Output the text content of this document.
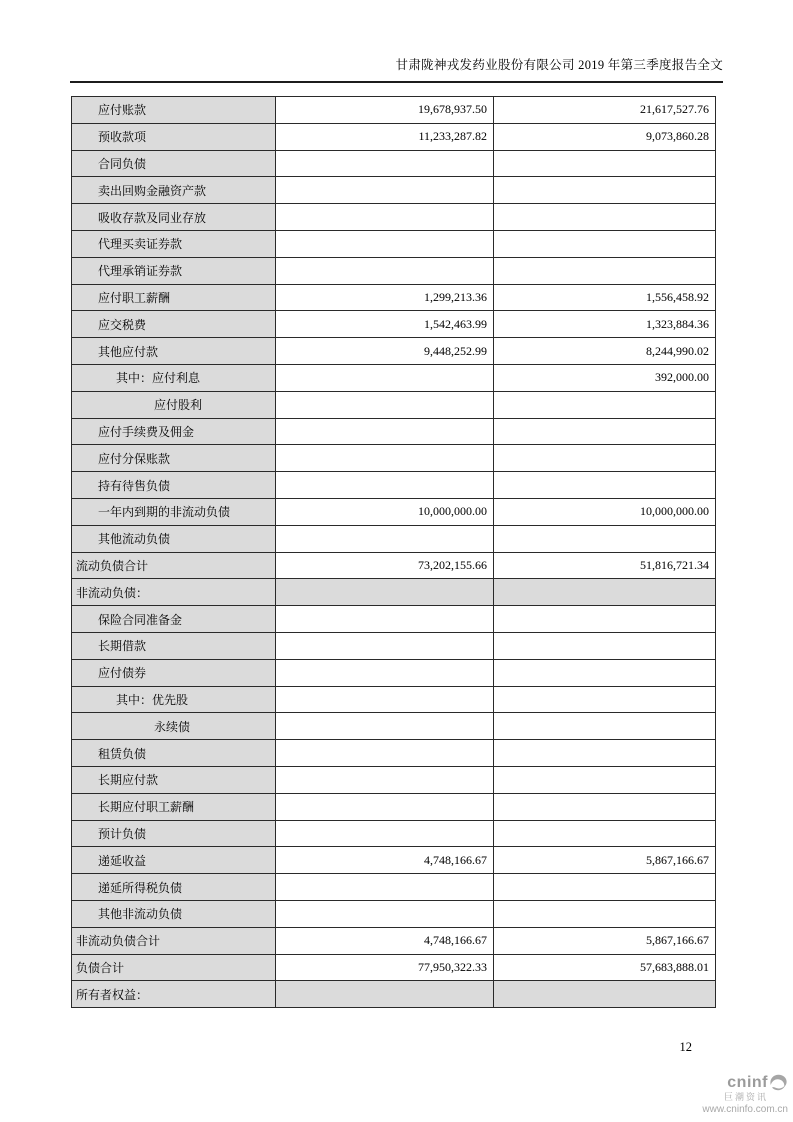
甘肃陇神戎发药业股份有限公司 2019 年第三季度报告全文
应付账款	19,678,937.50	21,617,527.76
预收款项	11,233,287.82	9,073,860.28
合同负债		
卖出回购金融资产款		
吸收存款及同业存放		
代理买卖证券款		
代理承销证券款		
应付职工薪酬	1,299,213.36	1,556,458.92
应交税费	1,542,463.99	1,323,884.36
其他应付款	9,448,252.99	8,244,990.02
其中：应付利息		392,000.00
应付股利		
应付手续费及佣金		
应付分保账款		
持有待售负债		
一年内到期的非流动负债	10,000,000.00	10,000,000.00
其他流动负债		
流动负债合计	73,202,155.66	51,816,721.34
非流动负债：		
保险合同准备金		
长期借款		
应付债券		
其中：优先股		
永续债		
租赁负债		
长期应付款		
长期应付职工薪酬		
预计负债		
递延收益	4,748,166.67	5,867,166.67
递延所得税负债		
其他非流动负债		
非流动负债合计	4,748,166.67	5,867,166.67
负债合计	77,950,322.33	57,683,888.01
所有者权益：		
12
cninf
巨潮资讯
www.cninfo.com.cn
